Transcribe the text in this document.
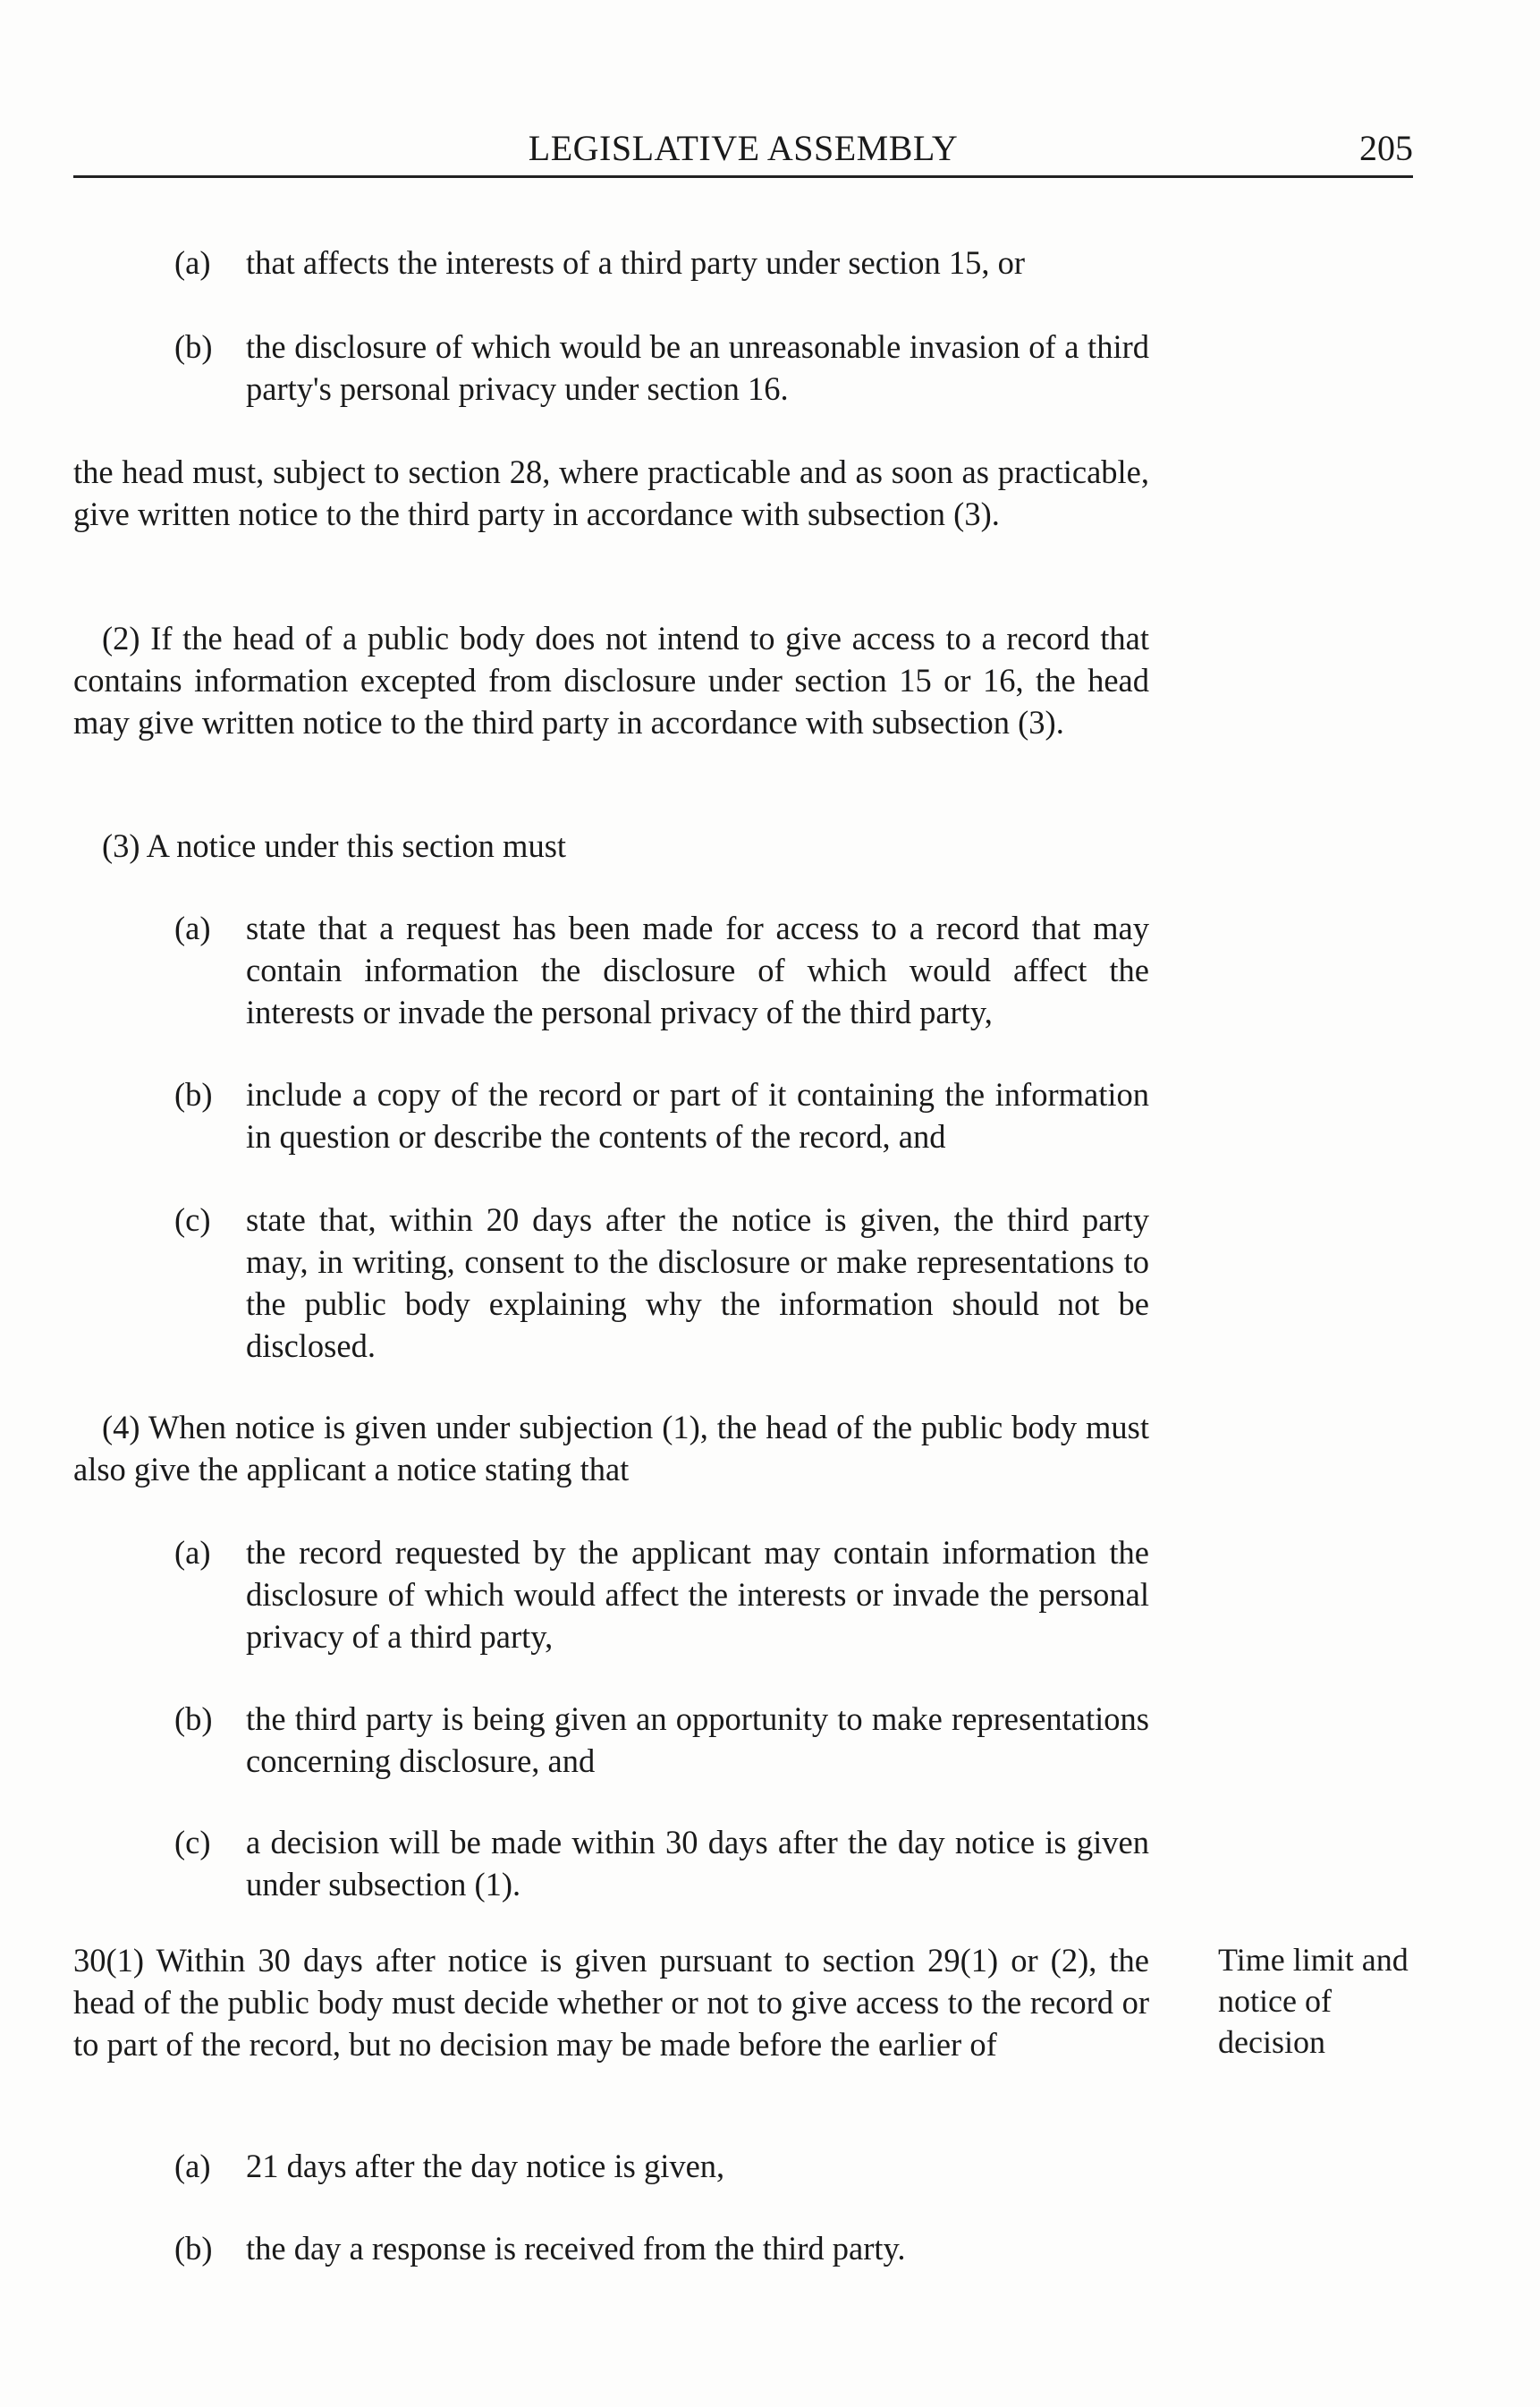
LEGISLATIVE ASSEMBLY	205
(a)	that affects the interests of a third party under section 15, or
(b)	the disclosure of which would be an unreasonable invasion of a third party's personal privacy under section 16.
the head must, subject to section 28, where practicable and as soon as practicable, give written notice to the third party in accordance with subsection (3).
(2) If the head of a public body does not intend to give access to a record that contains information excepted from disclosure under section 15 or 16, the head may give written notice to the third party in accordance with subsection (3).
(3) A notice under this section must
(a)	state that a request has been made for access to a record that may contain information the disclosure of which would affect the interests or invade the personal privacy of the third party,
(b)	include a copy of the record or part of it containing the information in question or describe the contents of the record, and
(c)	state that, within 20 days after the notice is given, the third party may, in writing, consent to the disclosure or make representations to the public body explaining why the information should not be disclosed.
(4) When notice is given under subjection (1), the head of the public body must also give the applicant a notice stating that
(a)	the record requested by the applicant may contain information the disclosure of which would affect the interests or invade the personal privacy of a third party,
(b)	the third party is being given an opportunity to make representations concerning disclosure, and
(c)	a decision will be made within 30 days after the day notice is given under subsection (1).
30(1) Within 30 days after notice is given pursuant to section 29(1) or (2), the head of the public body must decide whether or not to give access to the record or to part of the record, but no decision may be made before the earlier of
Time limit and notice of decision
(a)	21 days after the day notice is given,
(b)	the day a response is received from the third party.
